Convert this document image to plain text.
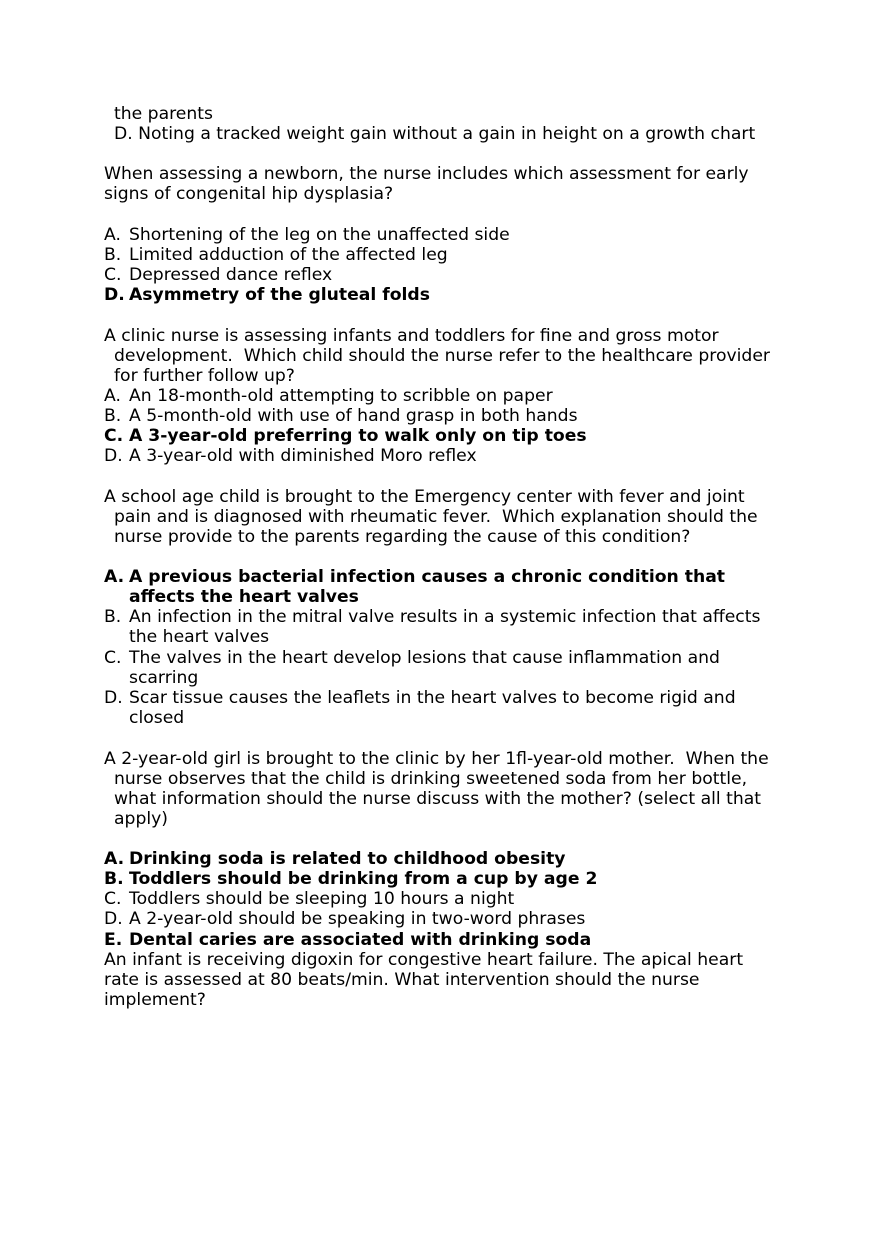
the parents
D. Noting a tracked weight gain without a gain in height on a growth chart
When assessing a newborn, the nurse includes which assessment for early
signs of congenital hip dysplasia?
A. Shortening of the leg on the unaffected side
B. Limited adduction of the affected leg
C. Depressed dance reflex
D. Asymmetry of the gluteal folds
A clinic nurse is assessing infants and toddlers for fine and gross motor
development.  Which child should the nurse refer to the healthcare provider
for further follow up?
A. An 18-month-old attempting to scribble on paper
B. A 5-month-old with use of hand grasp in both hands
C. A 3-year-old preferring to walk only on tip toes
D. A 3-year-old with diminished Moro reflex
A school age child is brought to the Emergency center with fever and joint
pain and is diagnosed with rheumatic fever.  Which explanation should the
nurse provide to the parents regarding the cause of this condition?
A. A previous bacterial infection causes a chronic condition that
affects the heart valves
B. An infection in the mitral valve results in a systemic infection that affects
the heart valves
C. The valves in the heart develop lesions that cause inflammation and
scarring
D. Scar tissue causes the leaflets in the heart valves to become rigid and
closed
A 2-year-old girl is brought to the clinic by her 1fl-year-old mother.  When the
nurse observes that the child is drinking sweetened soda from her bottle,
what information should the nurse discuss with the mother? (select all that
apply)
A. Drinking soda is related to childhood obesity
B. Toddlers should be drinking from a cup by age 2
C. Toddlers should be sleeping 10 hours a night
D. A 2-year-old should be speaking in two-word phrases
E. Dental caries are associated with drinking soda
An infant is receiving digoxin for congestive heart failure. The apical heart
rate is assessed at 80 beats/min. What intervention should the nurse
implement?
